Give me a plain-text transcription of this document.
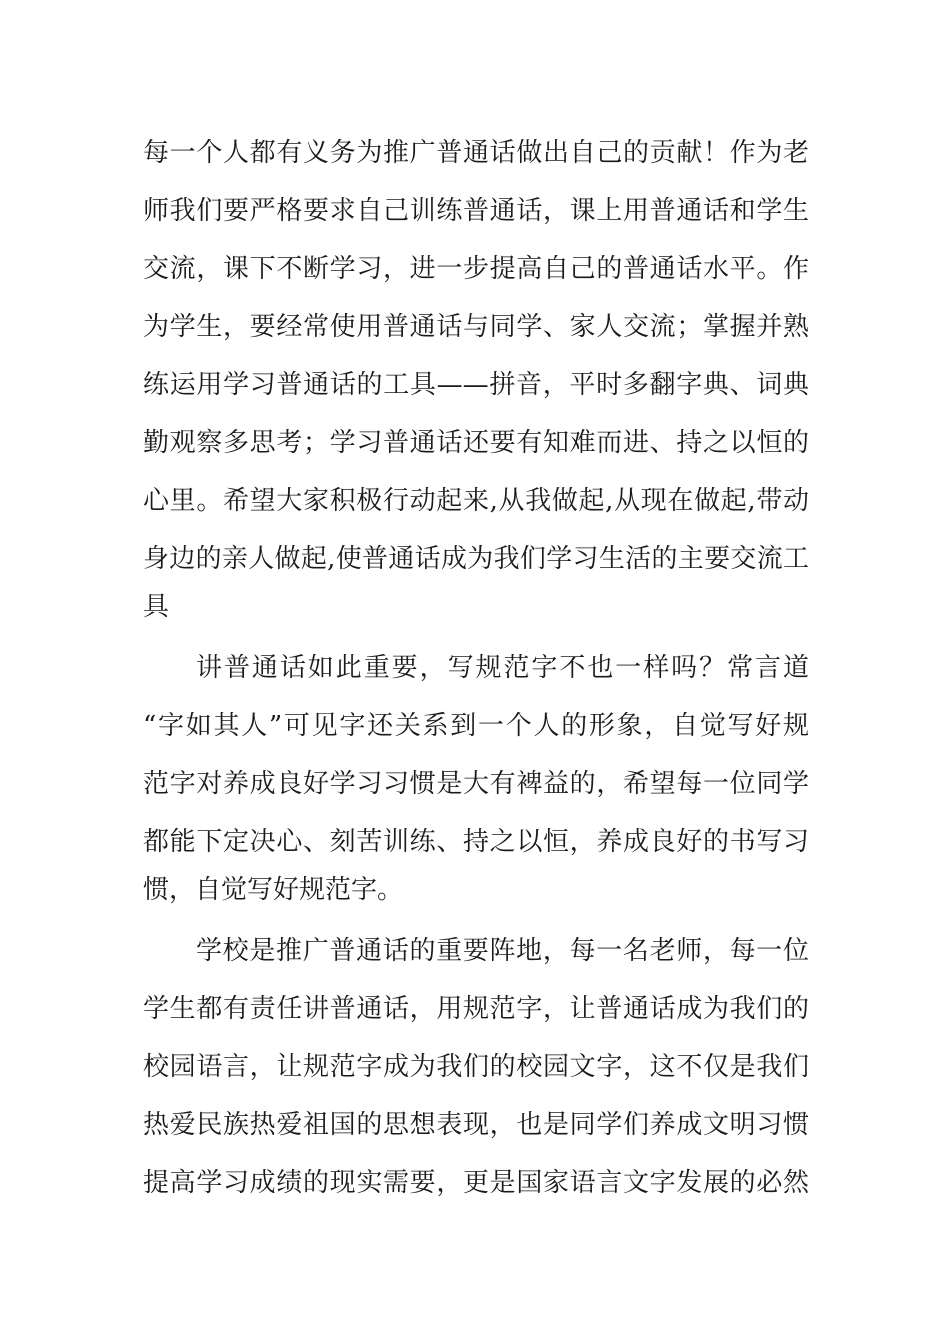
每一个人都有义务为推广普通话做出自己的贡献！作为老
师我们要严格要求自己训练普通话，课上用普通话和学生
交流，课下不断学习，进一步提高自己的普通话水平。作
为学生，要经常使用普通话与同学、家人交流；掌握并熟
练运用学习普通话的工具——拼音，平时多翻字典、词典
勤观察多思考；学习普通话还要有知难而进、持之以恒的
心里。希望大家积极行动起来,从我做起,从现在做起,带动
身边的亲人做起,使普通话成为我们学习生活的主要交流工
具
讲普通话如此重要，写规范字不也一样吗？常言道
“字如其人”可见字还关系到一个人的形象，自觉写好规
范字对养成良好学习习惯是大有裨益的，希望每一位同学
都能下定决心、刻苦训练、持之以恒，养成良好的书写习
惯，自觉写好规范字。
学校是推广普通话的重要阵地，每一名老师，每一位
学生都有责任讲普通话，用规范字，让普通话成为我们的
校园语言，让规范字成为我们的校园文字，这不仅是我们
热爱民族热爱祖国的思想表现，也是同学们养成文明习惯
提高学习成绩的现实需要，更是国家语言文字发展的必然
